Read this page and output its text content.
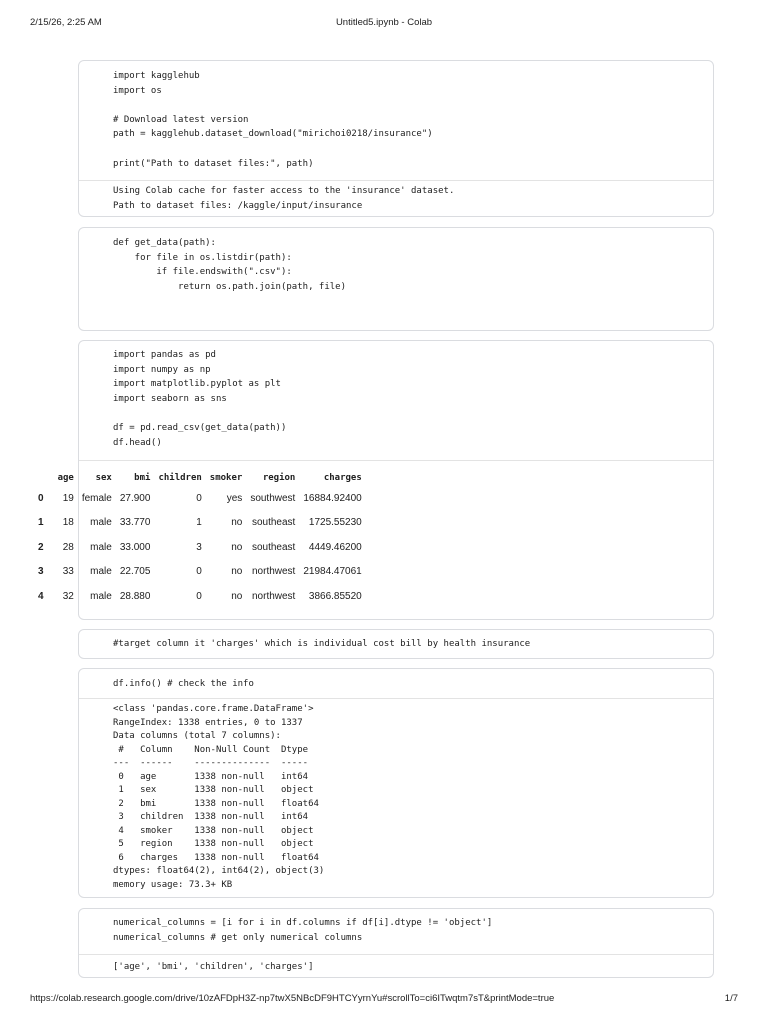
2/15/26, 2:25 AM	Untitled5.ipynb - Colab
import kagglehub
import os

# Download latest version
path = kagglehub.dataset_download("mirichoi0218/insurance")

print("Path to dataset files:", path)
Using Colab cache for faster access to the 'insurance' dataset.
Path to dataset files: /kaggle/input/insurance
def get_data(path):
for file in os.listdir(path):
if file.endswith(".csv"):
return os.path.join(path, file)
import pandas as pd
import numpy as np
import matplotlib.pyplot as plt
import seaborn as sns

df = pd.read_csv(get_data(path))
df.head()
	age	sex	bmi	children	smoker	region	charges
0	19	female	27.900	0	yes	southwest	16884.92400
1	18	male	33.770	1	no	southeast	1725.55230
2	28	male	33.000	3	no	southeast	4449.46200
3	33	male	22.705	0	no	northwest	21984.47061
4	32	male	28.880	0	no	northwest	3866.85520
#target column it 'charges' which is individual cost bill by health insurance
df.info() # check the info
<class 'pandas.core.frame.DataFrame'>
RangeIndex: 1338 entries, 0 to 1337
Data columns (total 7 columns):
#   Column    Non-Null Count  Dtype
---  ------    --------------  -----
0   age       1338 non-null   int64
1   sex       1338 non-null   object
2   bmi       1338 non-null   float64
3   children  1338 non-null   int64
4   smoker    1338 non-null   object
5   region    1338 non-null   object
6   charges   1338 non-null   float64
dtypes: float64(2), int64(2), object(3)
memory usage: 73.3+ KB
numerical_columns = [i for i in df.columns if df[i].dtype != 'object']
numerical_columns # get only numerical columns
['age', 'bmi', 'children', 'charges']
https://colab.research.google.com/drive/10zAFDpH3Z-np7twX5NBcDF9HTCYyrnYu#scrollTo=ci6ITwqtm7sT&printMode=true	1/7
